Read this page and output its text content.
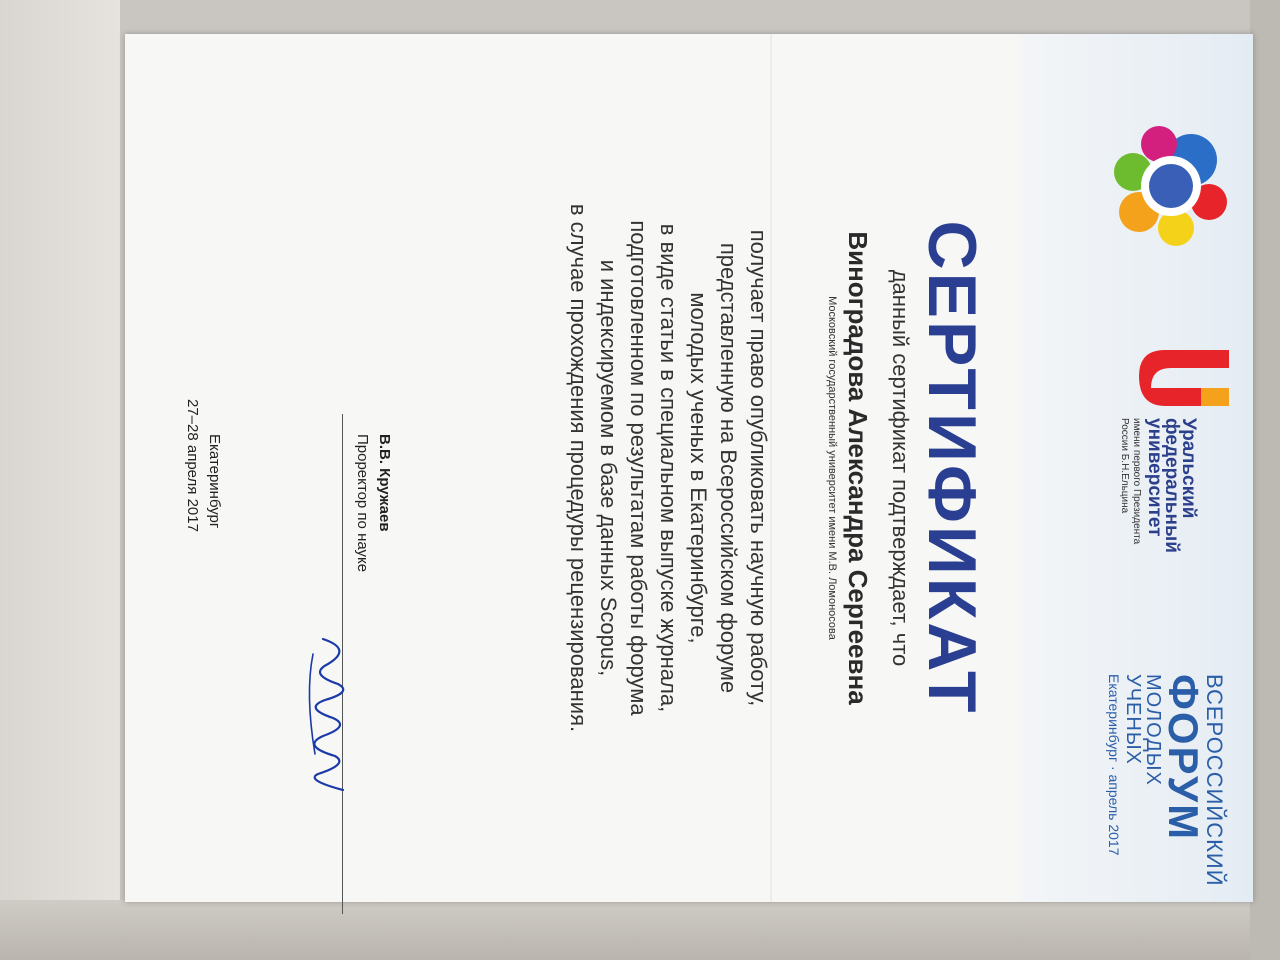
Уральский
федеральный
университет
имени первого Президента
России Б.Н.Ельцина
ВСЕРОССИЙСКИЙ
ФОРУМ
МОЛОДЫХ УЧЕНЫХ
Екатеринбург · апрель 2017
СЕРТИФИКАТ
данный сертификат подтверждает, что
Виноградова Александра Сергеевна
Московский государственный университет имени М.В. Ломоносова
получает право опубликовать научную работу,
представленную на Всероссийском форуме
молодых ученых в Екатеринбурге,
в виде статьи в специальном выпуске журнала,
подготовленном по результатам работы форума
и индексируемом в базе данных Scopus,
в случае прохождения процедуры рецензирования.
В.В. Кружаев
Проректор по науке
Екатеринбург
27–28 апреля 2017
